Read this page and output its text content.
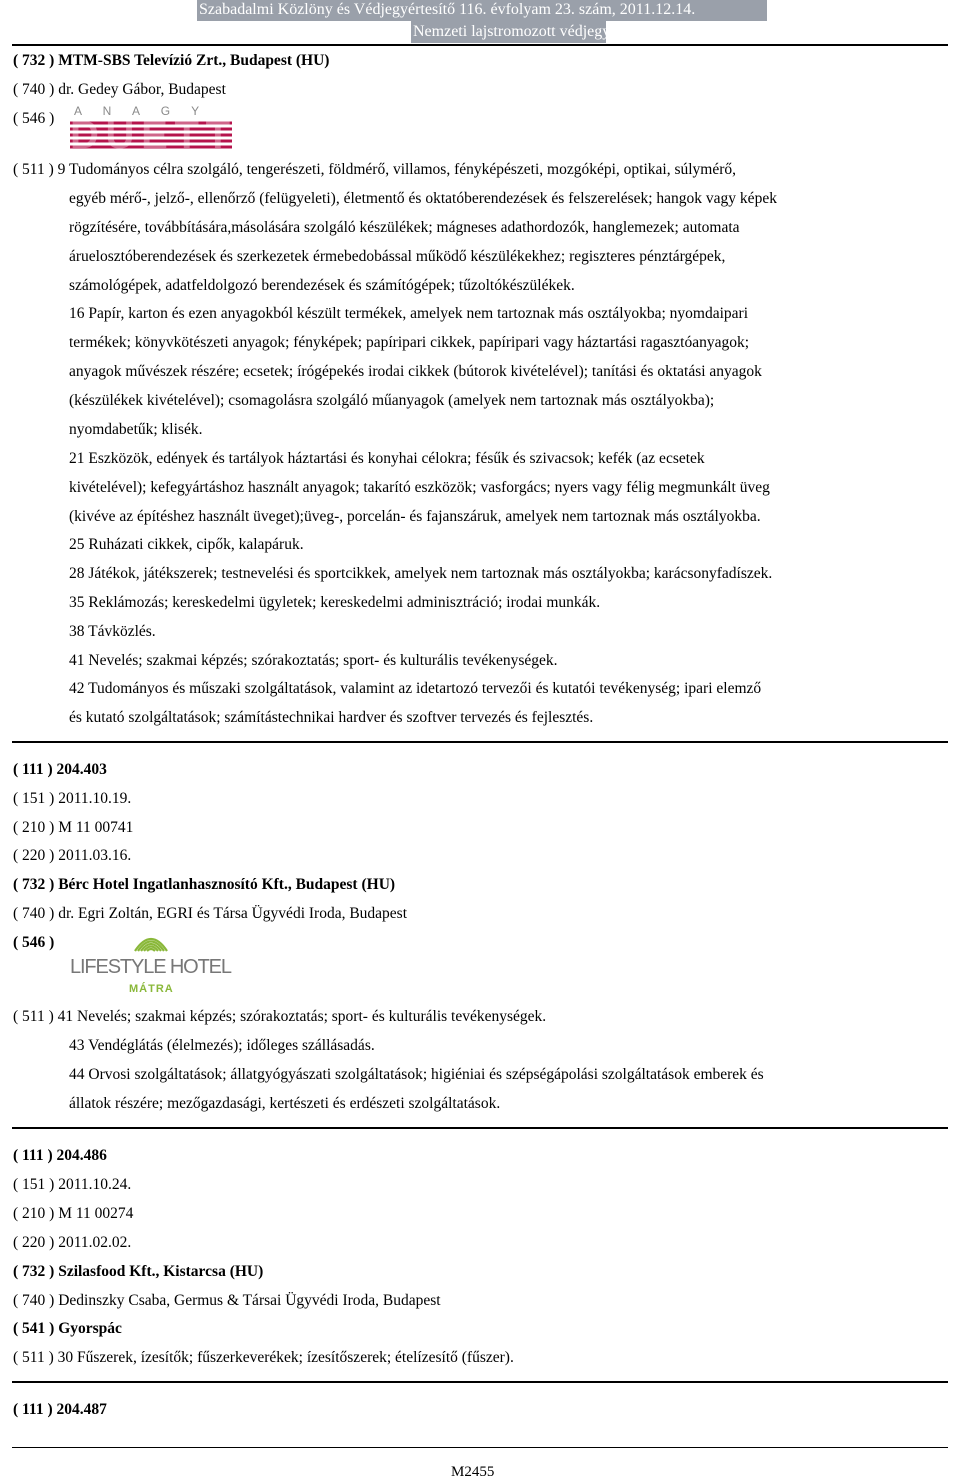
Szabadalmi Közlöny és Védjegyértesítő 116. évfolyam 23. szám, 2011.12.14.
Nemzeti lajstromozott védjegyek
( 732 ) MTM-SBS Televízió Zrt., Budapest (HU)
( 740 ) dr. Gedey Gábor, Budapest
( 546 ) A N A G Y
DUETT
( 511 ) 9 Tudományos célra szolgáló, tengerészeti, földmérő, villamos, fényképészeti, mozgóképi, optikai, súlymérő,
egyéb mérő-, jelző-, ellenőrző (felügyeleti), életmentő és oktatóberendezések és felszerelések; hangok vagy képek
rögzítésére, továbbítására,másolására szolgáló készülékek; mágneses adathordozók, hanglemezek; automata
áruelosztóberendezések és szerkezetek érmebedobással működő készülékekhez; regiszteres pénztárgépek,
számológépek, adatfeldolgozó berendezések és számítógépek; tűzoltókészülékek.
16 Papír, karton és ezen anyagokból készült termékek, amelyek nem tartoznak más osztályokba; nyomdaipari
termékek; könyvkötészeti anyagok; fényképek; papíripari cikkek, papíripari vagy háztartási ragasztóanyagok;
anyagok művészek részére; ecsetek; írógépekés irodai cikkek (bútorok kivételével); tanítási és oktatási anyagok
(készülékek kivételével); csomagolásra szolgáló műanyagok (amelyek nem tartoznak más osztályokba);
nyomdabetűk; klisék.
21 Eszközök, edények és tartályok háztartási és konyhai célokra; fésűk és szivacsok; kefék (az ecsetek
kivételével); kefegyártáshoz használt anyagok; takarító eszközök; vasforgács; nyers vagy félig megmunkált üveg
(kivéve az építéshez használt üveget);üveg-, porcelán- és fajanszáruk, amelyek nem tartoznak más osztályokba.
25 Ruházati cikkek, cipők, kalapáruk.
28 Játékok, játékszerek; testnevelési és sportcikkek, amelyek nem tartoznak más osztályokba; karácsonyfadíszek.
35 Reklámozás; kereskedelmi ügyletek; kereskedelmi adminisztráció; irodai munkák.
38 Távközlés.
41 Nevelés; szakmai képzés; szórakoztatás; sport- és kulturális tevékenységek.
42 Tudományos és műszaki szolgáltatások, valamint az idetartozó tervezői és kutatói tevékenység; ipari elemző
és kutató szolgáltatások; számítástechnikai hardver és szoftver tervezés és fejlesztés.
( 111 ) 204.403
( 151 ) 2011.10.19.
( 210 ) M 11 00741
( 220 ) 2011.03.16.
( 732 ) Bérc Hotel Ingatlanhasznosító Kft., Budapest (HU)
( 740 ) dr. Egri Zoltán, EGRI és Társa Ügyvédi Iroda, Budapest
( 546 )
LIFESTYLE HOTEL
MÁTRA
( 511 ) 41 Nevelés; szakmai képzés; szórakoztatás; sport- és kulturális tevékenységek.
43 Vendéglátás (élelmezés); időleges szállásadás.
44 Orvosi szolgáltatások; állatgyógyászati szolgáltatások; higiéniai és szépségápolási szolgáltatások emberek és
állatok részére; mezőgazdasági, kertészeti és erdészeti szolgáltatások.
( 111 ) 204.486
( 151 ) 2011.10.24.
( 210 ) M 11 00274
( 220 ) 2011.02.02.
( 732 ) Szilasfood Kft., Kistarcsa (HU)
( 740 ) Dedinszky Csaba, Germus & Társai Ügyvédi Iroda, Budapest
( 541 ) Gyorspác
( 511 ) 30 Fűszerek, ízesítők; fűszerkeverékek; ízesítőszerek; ételízesítő (fűszer).
( 111 ) 204.487
M2455
